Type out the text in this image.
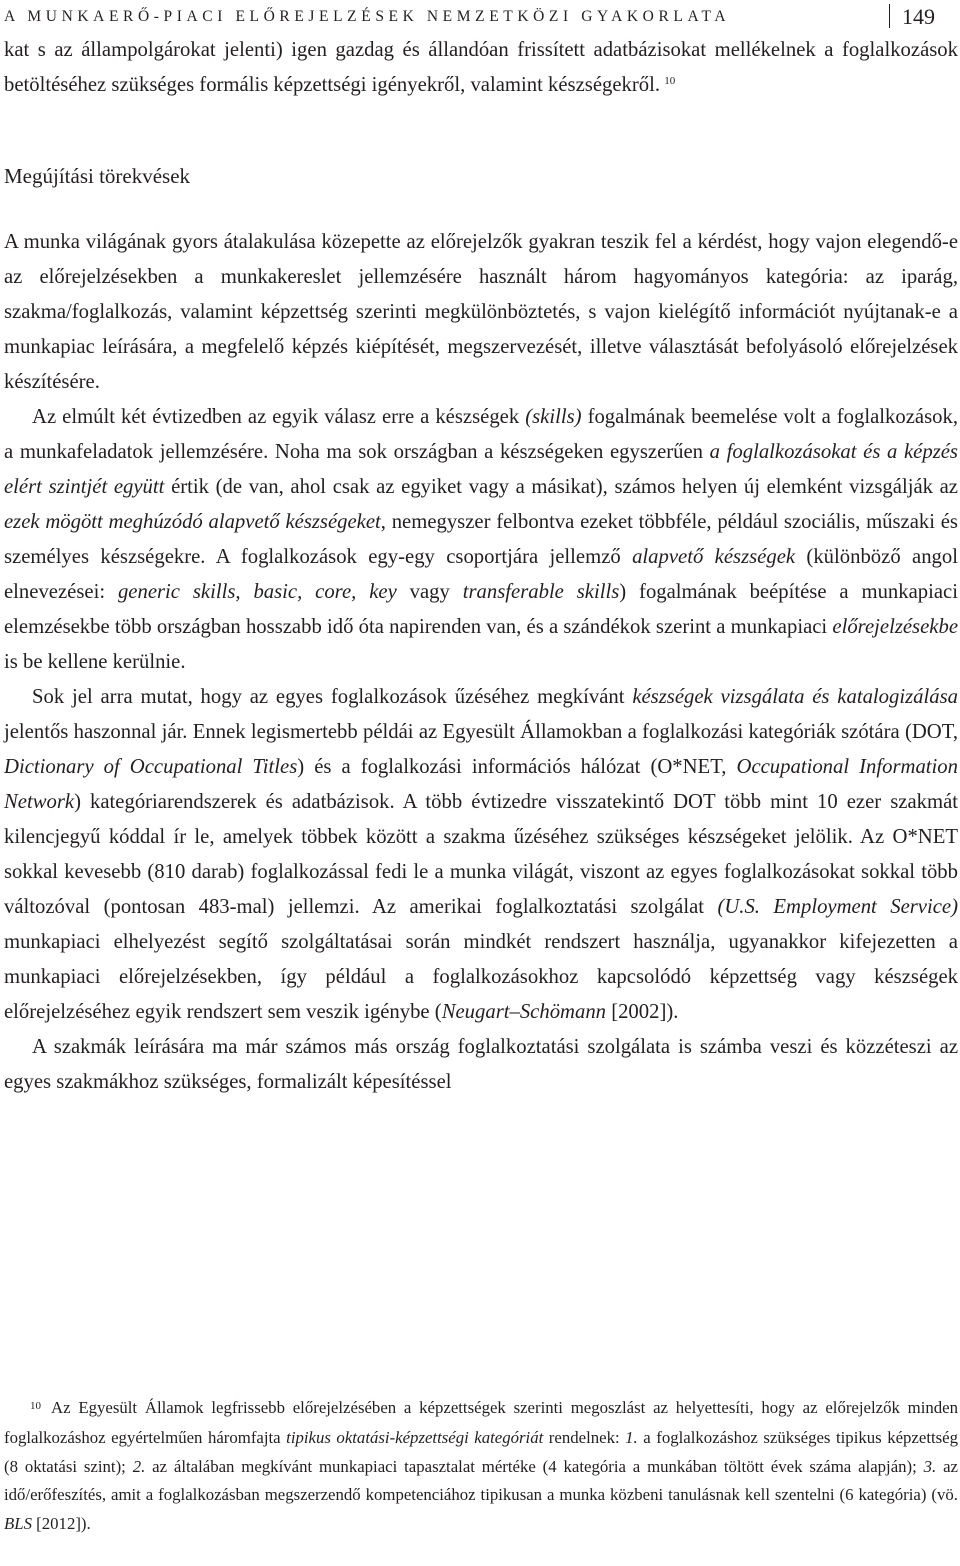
A MUNKAERŐ-PIACI ELŐREJELZÉSEK NEMZETKÖZI GYAKORLATA	149

kat s az állampolgárokat jelenti) igen gazdag és állandóan frissített adatbázisokat mellékelnek a foglalkozások betöltéséhez szükséges formális képzettségi igényekről, valamint készségekről.  $^{10}$

Megújítási törekvések

A munka világának gyors átalakulása közepette az előrejelzők gyakran teszik fel a kérdést, hogy vajon elegendő-e az előrejelzésekben a munkakereslet jellemzésére használt három hagyományos kategória: az iparág, szakma/foglalkozás, valamint képzettség szerinti megkülönböztetés, s vajon kielégítő információt nyújtanak-e a munkapiac leírására, a megfelelő képzés kiépítését, megszervezését, illetve választását befolyásoló előrejelzések készítésére.

Az elmúlt két évtizedben az egyik válasz erre a készségek (skills) fogalmának beemelése volt a foglalkozások, a munkafeladatok jellemzésére. Noha ma sok országban a készségeken egyszerűen a foglalkozásokat és a képzés elért szintjét együtt értik (de van, ahol csak az egyiket vagy a másikat), számos helyen új elemként vizsgálják az ezek mögött meghúzódó alapvető készségeket, nemegyszer felbontva ezeket többféle, például szociális, műszaki és személyes készségekre. A foglalkozások egy-egy csoportjára jellemző alapvető készségek (különböző angol elnevezései: generic skills, basic, core, key vagy transferable skills) fogalmának beépítése a munkapiaci elemzésekbe több országban hosszabb idő óta napirenden van, és a szándékok szerint a munkapiaci előrejelzésekbe is be kellene kerülnie.

Sok jel arra mutat, hogy az egyes foglalkozások űzéséhez megkívánt készségek vizsgálata és katalogizálása jelentős haszonnal jár. Ennek legismertebb példái az Egyesült Államokban a foglalkozási kategóriák szótára (DOT, Dictionary of Occupational Titles) és a foglalkozási információs hálózat (O*NET, Occupational Information Network) kategóriarendszerek és adatbázisok. A több évtizedre visszatekintő DOT több mint 10 ezer szakmát kilencjegyű kóddal ír le, amelyek többek között a szakma űzéséhez szükséges készségeket jelölik. Az O*NET sokkal kevesebb (810 darab) foglalkozással fedi le a munka világát, viszont az egyes foglalkozásokat sokkal több változóval (pontosan 483-mal) jellemzi. Az amerikai foglalkoztatási szolgálat (U.S. Employment Service) munkapiaci elhelyezést segítő szolgáltatásai során mindkét rendszert használja, ugyanakkor kifejezetten a munkapiaci előrejelzésekben, így például a foglalkozásokhoz kapcsolódó képzettség vagy készségek előrejelzéséhez egyik rendszert sem veszik igénybe (Neugart–Schömann [2002]).

A szakmák leírására ma már számos más ország foglalkoztatási szolgálata is számba veszi és közzéteszi az egyes szakmákhoz szükséges, formalizált képesítéssel

$^{10}$ Az Egyesült Államok legfrissebb előrejelzésében a képzettségek szerinti megoszlást az helyettesíti, hogy az előrejelzők minden foglalkozáshoz egyértelműen háromfajta tipikus oktatási-képzettségi kategóriát rendelnek: 1. a foglalkozáshoz szükséges tipikus képzettség (8 oktatási szint); 2. az általában megkívánt munkapiaci tapasztalat mértéke (4 kategória a munkában töltött évek száma alapján); 3. az idő/erőfeszítés, amit a foglalkozásban megszerzendő kompetenciához tipikusan a munka közbeni tanulásnak kell szentelni (6 kategória) (vö. BLS [2012]).
